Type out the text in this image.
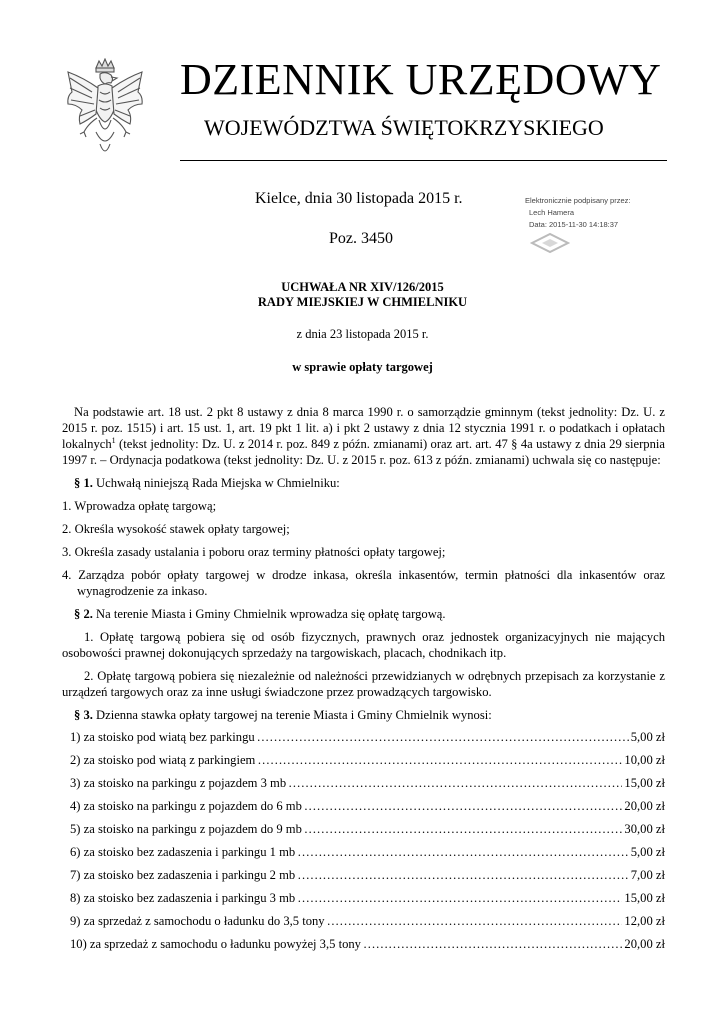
DZIENNIK URZĘDOWY
WOJEWÓDZTWA ŚWIĘTOKRZYSKIEGO
Kielce, dnia 30 listopada 2015 r.
Poz. 3450
Elektronicznie podpisany przez:
Lech Hamera
Data: 2015-11-30 14:18:37
UCHWAŁA NR XIV/126/2015
RADY MIEJSKIEJ W CHMIELNIKU
z dnia 23 listopada 2015 r.
w sprawie opłaty targowej

Na podstawie art. 18 ust. 2 pkt 8 ustawy z dnia 8 marca 1990 r. o samorządzie gminnym (tekst jednolity: Dz. U. z 2015 r. poz. 1515) i art. 15 ust. 1, art. 19 pkt 1 lit. a) i pkt 2 ustawy z dnia 12 stycznia 1991 r. o podatkach i opłatach lokalnych$^1$ (tekst jednolity: Dz. U. z 2014 r. poz. 849 z późn. zmianami) oraz art. art. 47 § 4a ustawy z dnia 29 sierpnia 1997 r. – Ordynacja podatkowa (tekst jednolity: Dz. U. z 2015 r. poz. 613 z późn. zmianami) uchwala się co następuje:

§ 1. Uchwałą niniejszą Rada Miejska w Chmielniku:

1. Wprowadza opłatę targową;

2. Określa wysokość stawek opłaty targowej;

3. Określa zasady ustalania i poboru oraz terminy płatności opłaty targowej;

4. Zarządza pobór opłaty targowej w drodze inkasa, określa inkasentów, termin płatności dla inkasentów oraz wynagrodzenie za inkaso.

§ 2. Na terenie Miasta i Gminy Chmielnik wprowadza się opłatę targową.

1. Opłatę targową pobiera się od osób fizycznych, prawnych oraz jednostek organizacyjnych nie mających osobowości prawnej dokonujących sprzedaży na targowiskach, placach, chodnikach itp.

2. Opłatę targową pobiera się niezależnie od należności przewidzianych w odrębnych przepisach za korzystanie z urządzeń targowych oraz za inne usługi świadczone przez prowadzących targowisko.

§ 3. Dzienna stawka opłaty targowej na terenie Miasta i Gminy Chmielnik wynosi:

1) za stoisko pod wiatą bez parkingu ……………………………………………………………………………………………………………………………	5,00 zł
2) za stoisko pod wiatą z parkingiem ……………………………………………………………………………………………………………………………	10,00 zł
3) za stoisko na parkingu z pojazdem 3 mb ……………………………………………………………………………………………………………………………	15,00 zł
4) za stoisko na parkingu z pojazdem do 6 mb ……………………………………………………………………………………………………………………………	20,00 zł
5) za stoisko na parkingu z pojazdem do 9 mb ……………………………………………………………………………………………………………………………	30,00 zł
6) za stoisko bez zadaszenia i parkingu 1 mb ……………………………………………………………………………………………………………………………	5,00 zł
7) za stoisko bez zadaszenia i parkingu 2 mb ……………………………………………………………………………………………………………………………	7,00 zł
8) za stoisko bez zadaszenia i parkingu 3 mb ……………………………………………………………………………………………………………………………	15,00 zł
9) za sprzedaż z samochodu o ładunku do 3,5 tony ……………………………………………………………………………………………………………………………	12,00 zł
10) za sprzedaż z samochodu o ładunku powyżej 3,5 tony ……………………………………………………………………………………………………………………………	20,00 zł
